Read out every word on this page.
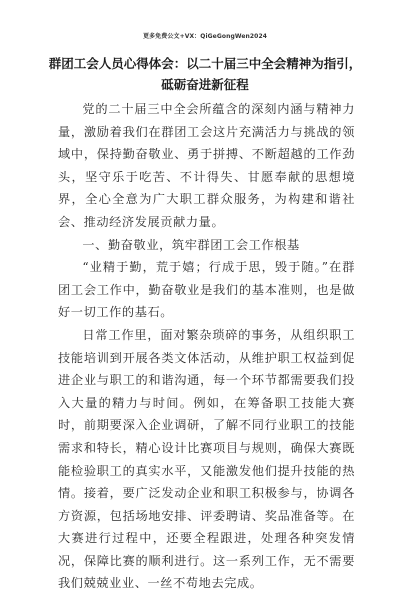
更多免费公文+VX：QiGeGongWen2024
群团工会人员心得体会：以二十届三中全会精神为指引，
砥砺奋进新征程

党的二十届三中全会所蕴含的深刻内涵与精神力量，激励着我们在群团工会这片充满活力与挑战的领域中，保持勤奋敬业、勇于拼搏、不断超越的工作劲头，坚守乐于吃苦、不计得失、甘愿奉献的思想境界，全心全意为广大职工群众服务，为构建和谐社会、推动经济发展贡献力量。

一、勤奋敬业，筑牢群团工会工作根基

“业精于勤，荒于嬉；行成于思，毁于随。”在群团工会工作中，勤奋敬业是我们的基本准则，也是做好一切工作的基石。

日常工作里，面对繁杂琐碎的事务，从组织职工技能培训到开展各类文体活动，从维护职工权益到促进企业与职工的和谐沟通，每一个环节都需要我们投入大量的精力与时间。例如，在筹备职工技能大赛时，前期要深入企业调研，了解不同行业职工的技能需求和特长，精心设计比赛项目与规则，确保大赛既能检验职工的真实水平，又能激发他们提升技能的热情。接着，要广泛发动企业和职工积极参与，协调各方资源，包括场地安排、评委聘请、奖品准备等。在大赛进行过程中，还要全程跟进，处理各种突发情况，保障比赛的顺利进行。这一系列工作，无不需要我们兢兢业业、一丝不苟地去完成。
